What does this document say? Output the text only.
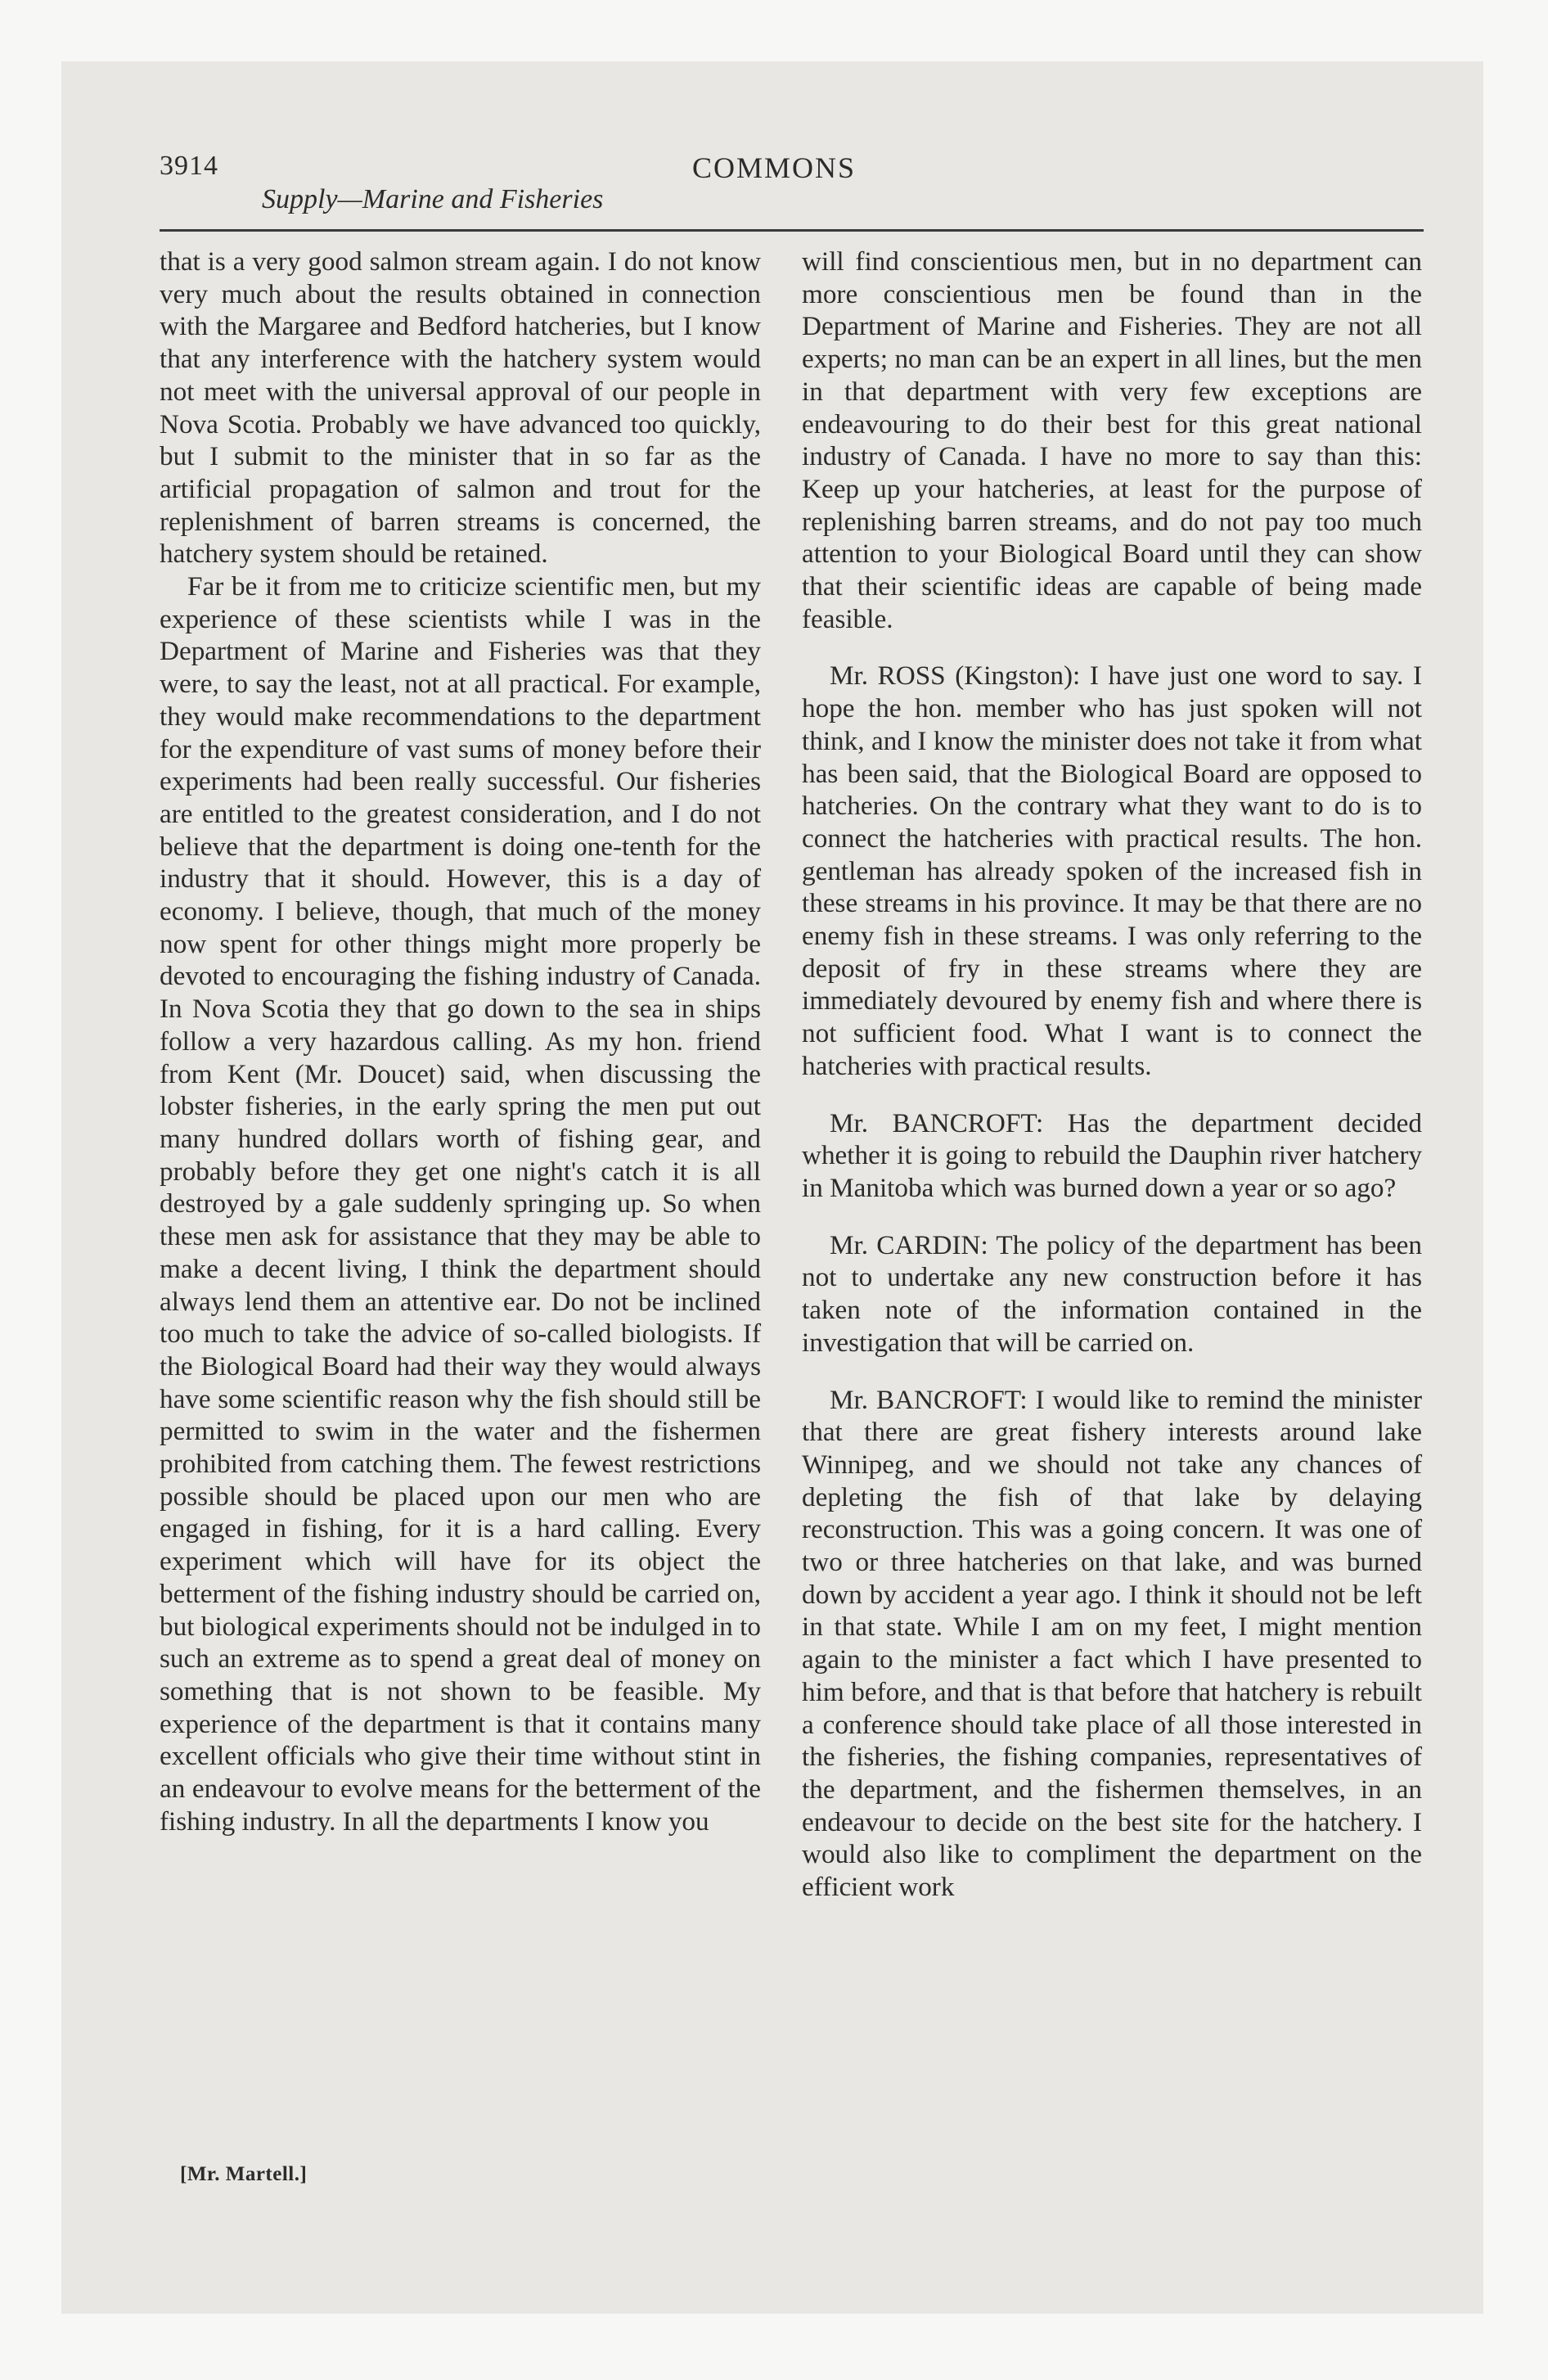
3914	COMMONS
Supply—Marine and Fisheries

that is a very good salmon stream again. I do not know very much about the results obtained in connection with the Margaree and Bedford hatcheries, but I know that any interference with the hatchery system would not meet with the universal approval of our people in Nova Scotia. Probably we have advanced too quickly, but I submit to the minister that in so far as the artificial propagation of salmon and trout for the replenishment of barren streams is concerned, the hatchery system should be retained.

Far be it from me to criticize scientific men, but my experience of these scientists while I was in the Department of Marine and Fisheries was that they were, to say the least, not at all practical. For example, they would make recommendations to the department for the expenditure of vast sums of money before their experiments had been really successful. Our fisheries are entitled to the greatest consideration, and I do not believe that the department is doing one-tenth for the industry that it should. However, this is a day of economy. I believe, though, that much of the money now spent for other things might more properly be devoted to encouraging the fishing industry of Canada. In Nova Scotia they that go down to the sea in ships follow a very hazardous calling. As my hon. friend from Kent (Mr. Doucet) said, when discussing the lobster fisheries, in the early spring the men put out many hundred dollars worth of fishing gear, and probably before they get one night's catch it is all destroyed by a gale suddenly springing up. So when these men ask for assistance that they may be able to make a decent living, I think the department should always lend them an attentive ear. Do not be inclined too much to take the advice of so-called biologists. If the Biological Board had their way they would always have some scientific reason why the fish should still be permitted to swim in the water and the fishermen prohibited from catching them. The fewest restrictions possible should be placed upon our men who are engaged in fishing, for it is a hard calling. Every experiment which will have for its object the betterment of the fishing industry should be carried on, but biological experiments should not be indulged in to such an extreme as to spend a great deal of money on something that is not shown to be feasible. My experience of the department is that it contains many excellent officials who give their time without stint in an endeavour to evolve means for the betterment of the fishing industry. In all the departments I know you

will find conscientious men, but in no department can more conscientious men be found than in the Department of Marine and Fisheries. They are not all experts; no man can be an expert in all lines, but the men in that department with very few exceptions are endeavouring to do their best for this great national industry of Canada. I have no more to say than this: Keep up your hatcheries, at least for the purpose of replenishing barren streams, and do not pay too much attention to your Biological Board until they can show that their scientific ideas are capable of being made feasible.

Mr. ROSS (Kingston): I have just one word to say. I hope the hon. member who has just spoken will not think, and I know the minister does not take it from what has been said, that the Biological Board are opposed to hatcheries. On the contrary what they want to do is to connect the hatcheries with practical results. The hon. gentleman has already spoken of the increased fish in these streams in his province. It may be that there are no enemy fish in these streams. I was only referring to the deposit of fry in these streams where they are immediately devoured by enemy fish and where there is not sufficient food. What I want is to connect the hatcheries with practical results.

Mr. BANCROFT: Has the department decided whether it is going to rebuild the Dauphin river hatchery in Manitoba which was burned down a year or so ago?

Mr. CARDIN: The policy of the department has been not to undertake any new construction before it has taken note of the information contained in the investigation that will be carried on.

Mr. BANCROFT: I would like to remind the minister that there are great fishery interests around lake Winnipeg, and we should not take any chances of depleting the fish of that lake by delaying reconstruction. This was a going concern. It was one of two or three hatcheries on that lake, and was burned down by accident a year ago. I think it should not be left in that state. While I am on my feet, I might mention again to the minister a fact which I have presented to him before, and that is that before that hatchery is rebuilt a conference should take place of all those interested in the fisheries, the fishing companies, representatives of the department, and the fishermen themselves, in an endeavour to decide on the best site for the hatchery. I would also like to compliment the department on the efficient work

[Mr. Martell.]
